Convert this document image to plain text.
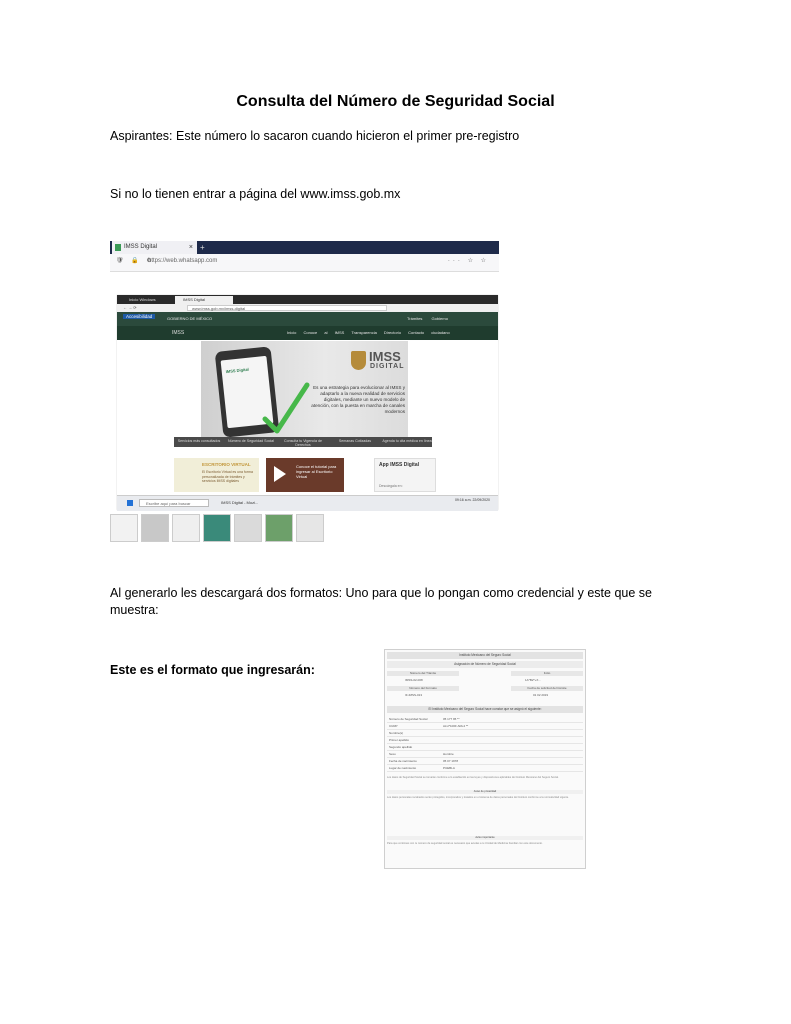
Consulta del Número de Seguridad Social
Aspirantes: Este número lo sacaron cuando hicieron el primer pre-registro
Si no lo tienen entrar a página del www.imss.gob.mx
IMSS Digital	× +
🛡 🔒 ⚙
https://web.whatsapp.com	··· ☆ ☆
Inicio Windows	IMSS Digital
← → ⟳	www.imss.gob.mx/imss-digital
Accesibilidad	GOBIERNO DE MÉXICO	Trámites Gobierno
IMSS	Inicio Conoce al IMSS Transparencia Directorio Contacto ciudadano
IMSS Digital
IMSS
DIGITAL
Es una estrategia para evolucionar al IMSS y adaptarlo a la nueva realidad de servicios digitales, mediante un nuevo modelo de atención, con la puesta en marcha de canales modernos
Servicios más consultados	Número de Seguridad Social	Consulta tu Vigencia de Derechos
Semanas Cotizadas	Agenda tu cita médica en línea
ESCRITORIO VIRTUAL
El Escritorio Virtual es una forma personalizada de trámites y servicios IMSS digitales
Conoce el tutorial para ingresar al Escritorio Virtual
App IMSS Digital
Descárgala en:
Escribe aquí para buscar	IMSS Digital - Mozi...	09:16 a.m. 22/09/2020
Al generarlo les descargará dos formatos: Uno para que lo pongan como credencial y este que se muestra:
Este es el formato que ingresarán:
Instituto Mexicano del Seguro Social
Asignación de Número de Seguridad Social
Número del Trámite	Folio
IMSS-02-008	1A*B2*+X…
Número del Formato	Fecha de solicitud del trámite
IF-IMSS-013	01 02 2019
El Instituto Mexicano del Seguro Social hace constar que se asignó el siguiente:
Número de Seguridad Social	05 177 95 **
CURP	ALU*100F ARL4 **
Nombre(s)
Primer apellido
Segundo apellido
Sexo	Hombre
Fecha de nacimiento	05 07 1978
Lugar de nacimiento	PUEBLA
Los datos de Seguridad Social se tomarán conforme a lo establecido en las leyes y disposiciones aplicables del Instituto Mexicano del Seguro Social.
Aviso de privacidad
Los datos personales recabados serán protegidos, incorporados y tratados en el sistema de datos personales del Instituto conforme a la normatividad vigente.
Aviso importante
Para que continúes con tu número de seguridad social es necesario que acudas a tu Unidad de Medicina Familiar con este documento.
